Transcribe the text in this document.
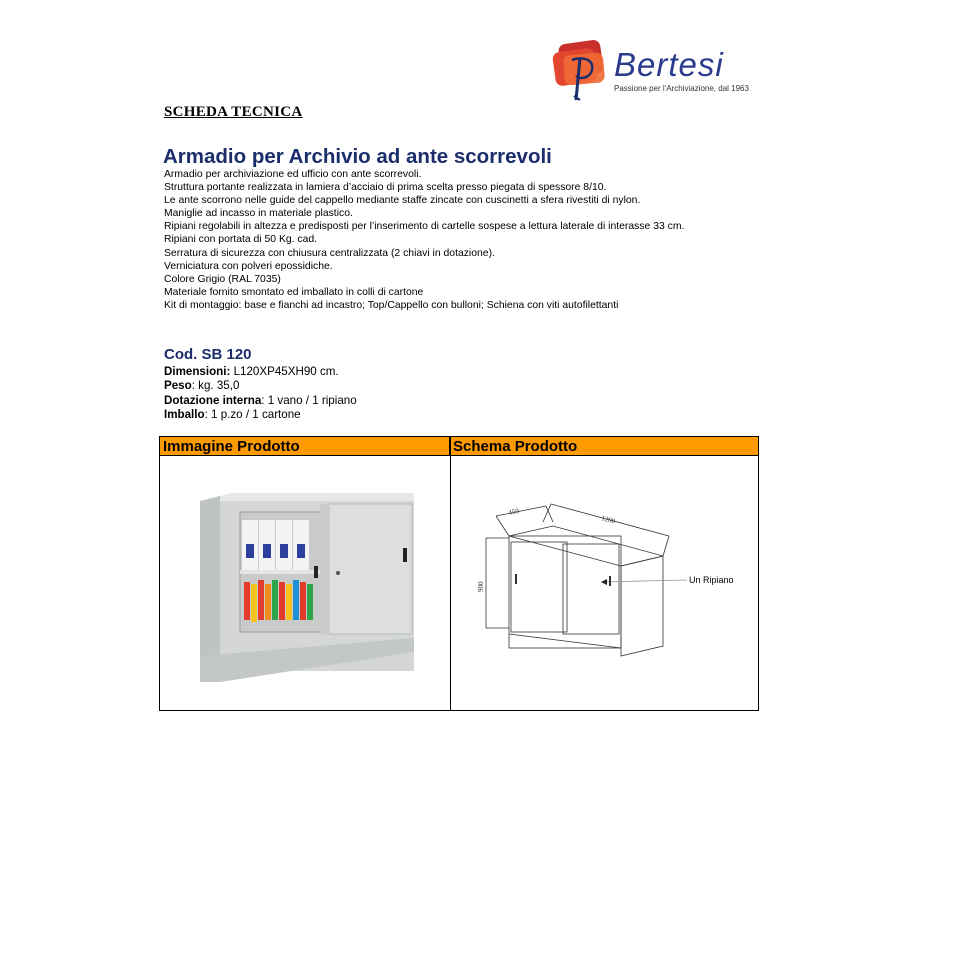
Bertesi
Passione per l'Archiviazione, dal 1963
SCHEDA TECNICA
Armadio per Archivio ad ante scorrevoli
Armadio per archiviazione ed ufficio con ante scorrevoli.
Struttura portante realizzata in lamiera d’acciaio di prima scelta presso piegata di spessore 8/10.
Le ante scorrono nelle guide del cappello mediante staffe zincate con cuscinetti a sfera rivestiti di nylon.
Maniglie ad incasso in materiale plastico.
Ripiani regolabili in altezza e predisposti per l’inserimento di cartelle sospese a lettura laterale di interasse 33 cm.
Ripiani con portata di 50 Kg. cad.
Serratura di sicurezza con chiusura centralizzata (2 chiavi in dotazione).
Verniciatura con polveri epossidiche.
Colore Grigio (RAL 7035)
Materiale fornito smontato ed imballato in colli di cartone
Kit di montaggio: base e fianchi ad incastro; Top/Cappello con bulloni; Schiena con viti autofilettanti
Cod. SB 120
Dimensioni: L120XP45XH90 cm.
Peso: kg. 35,0
Dotazione interna: 1 vano / 1 ripiano
Imballo: 1 p.zo / 1 cartone
Immagine Prodotto	Schema Prodotto
450
1200
900
Un Ripiano
